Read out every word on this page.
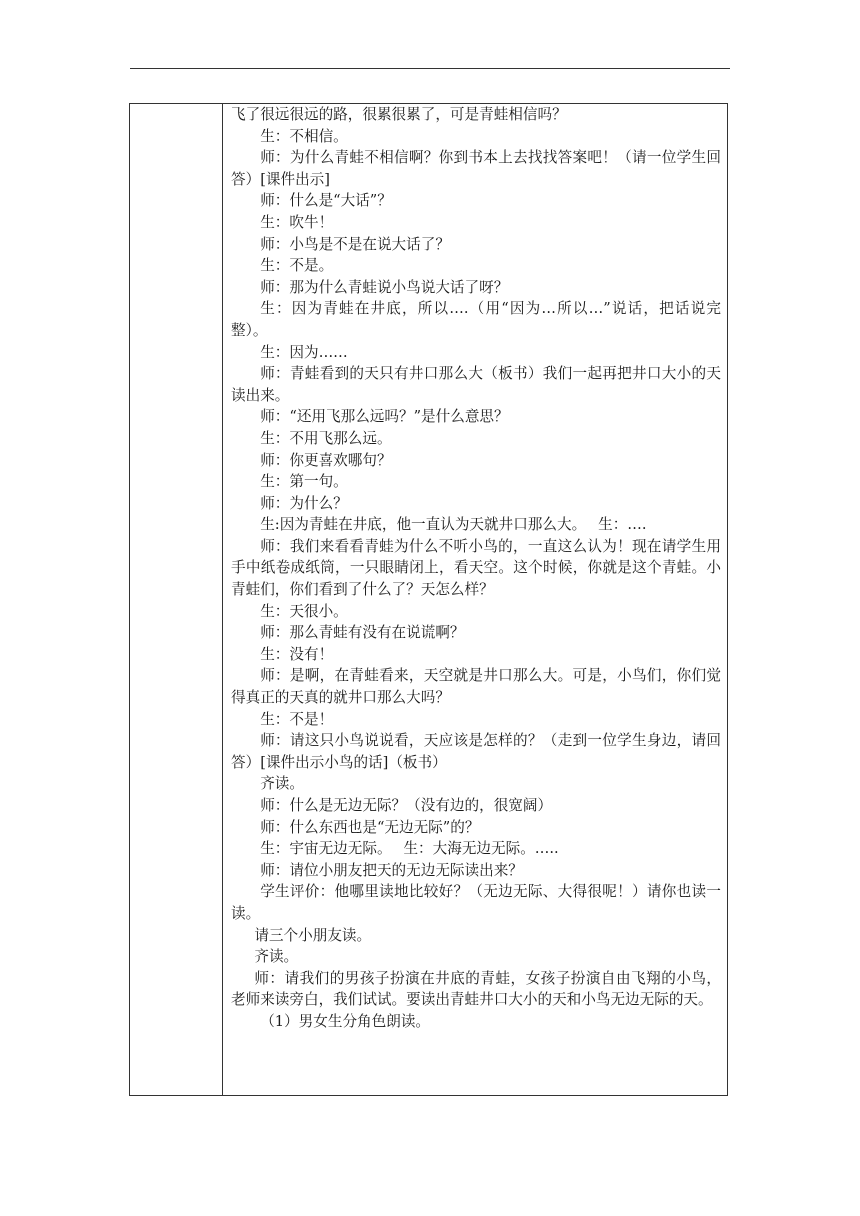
飞了很远很远的路，很累很累了，可是青蛙相信吗？

生：不相信。

师：为什么青蛙不相信啊？你到书本上去找找答案吧！（请一位学生回答）[课件出示]

师：什么是“大话”？

生：吹牛！

师：小鸟是不是在说大话了？

生：不是。

师：那为什么青蛙说小鸟说大话了呀？

生：因为青蛙在井底，所以….（用“因为…所以…”说话，把话说完整）。

生：因为……

师：青蛙看到的天只有井口那么大（板书）我们一起再把井口大小的天读出来。

师：“还用飞那么远吗？”是什么意思？

生：不用飞那么远。

师：你更喜欢哪句？

生：第一句。

师：为什么？

生:因为青蛙在井底，他一直认为天就井口那么大。　 生：….

师：我们来看看青蛙为什么不听小鸟的，一直这么认为！现在请学生用手中纸卷成纸筒，一只眼睛闭上，看天空。这个时候，你就是这个青蛙。小青蛙们，你们看到了什么了？天怎么样？

生：天很小。

师：那么青蛙有没有在说谎啊？

生：没有！

师：是啊，在青蛙看来，天空就是井口那么大。可是，小鸟们，你们觉得真正的天真的就井口那么大吗？

生：不是！

师：请这只小鸟说说看，天应该是怎样的？（走到一位学生身边，请回答）[课件出示小鸟的话]（板书）

齐读。

师：什么是无边无际？（没有边的，很宽阔）

师：什么东西也是“无边无际”的？

生：宇宙无边无际。　 生：大海无边无际。…..

师：请位小朋友把天的无边无际读出来？

学生评价：他哪里读地比较好？（无边无际、大得很呢！）请你也读一读。

请三个小朋友读。

齐读。

师：请我们的男孩子扮演在井底的青蛙，女孩子扮演自由飞翔的小鸟，老师来读旁白，我们试试。要读出青蛙井口大小的天和小鸟无边无际的天。

（1）男女生分角色朗读。
